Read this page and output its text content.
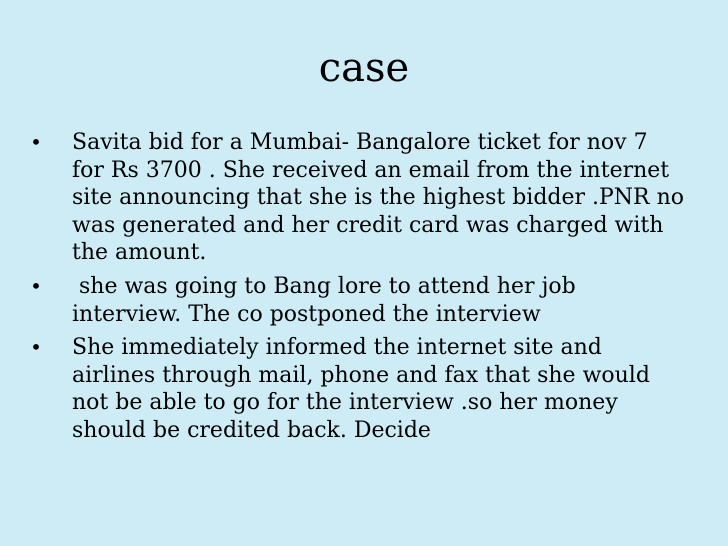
case
• Savita bid for a Mumbai- Bangalore ticket for nov 7 for Rs 3700 . She received an email from the internet site announcing that she is the highest bidder .PNR no was generated and her credit card was charged with the amount.
• she was going to Bang lore to attend her job interview. The co postponed the interview
• She immediately informed the internet site and airlines through mail, phone and fax that she would not be able to go for the interview .so her money should be credited back. Decide
